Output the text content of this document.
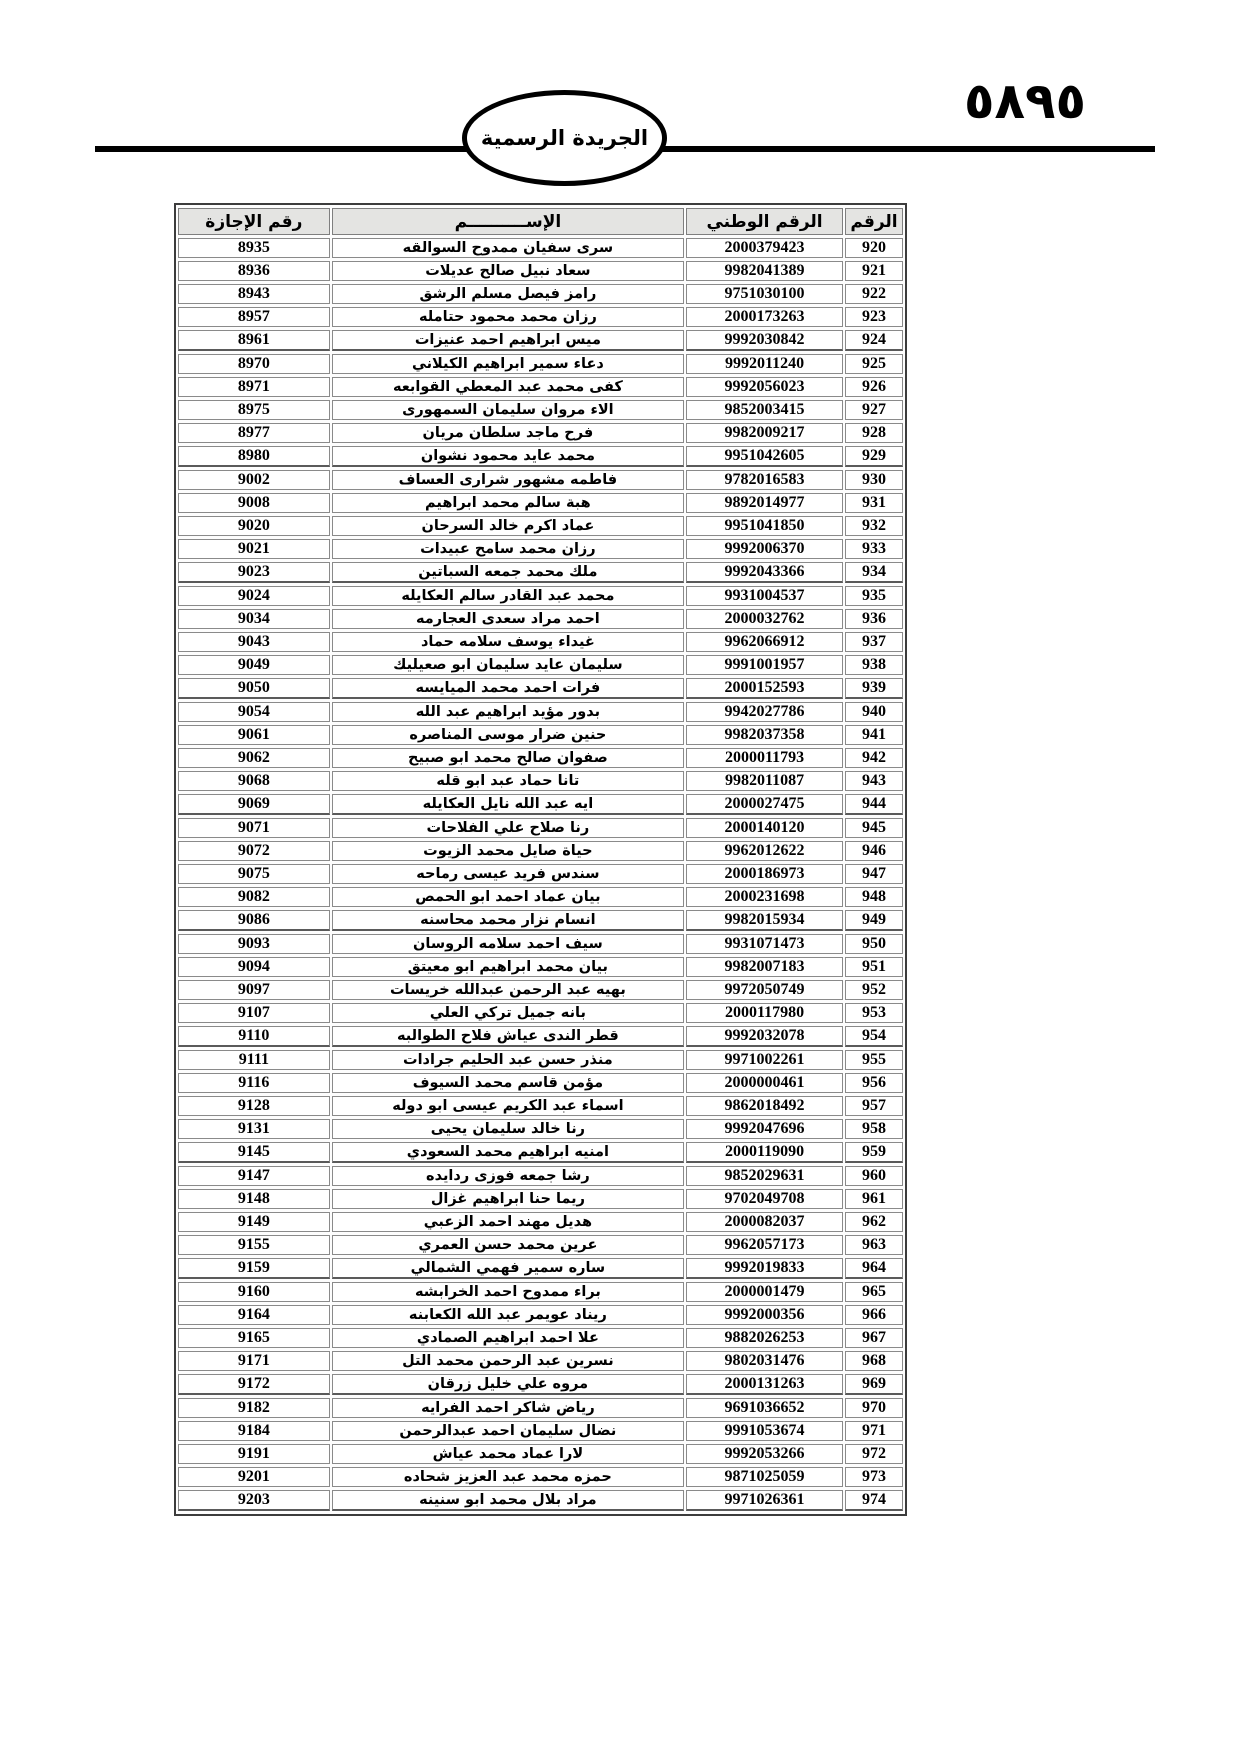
٥٨٩٥
الجريدة الرسمية
الرقم	الرقم الوطني	الإســــــــــم	رقم الإجازة
920	2000379423	سرى سفيان ممدوح السوالقه	8935
921	9982041389	سعاد نبيل صالح عديلات	8936
922	9751030100	رامز فيصل مسلم الرشق	8943
923	2000173263	رزان محمد محمود حتامله	8957
924	9992030842	ميس ابراهيم احمد عنيزات	8961
925	9992011240	دعاء سمير ابراهيم الكيلاني	8970
926	9992056023	كفى محمد عبد المعطي القوابعه	8971
927	9852003415	الاء مروان سليمان السمهورى	8975
928	9982009217	فرح ماجد سلطان مريان	8977
929	9951042605	محمد عايد محمود نشوان	8980
930	9782016583	فاطمه مشهور شرارى العساف	9002
931	9892014977	هبة سالم محمد ابراهيم	9008
932	9951041850	عماد اكرم خالد السرحان	9020
933	9992006370	رزان محمد سامح عبيدات	9021
934	9992043366	ملك محمد جمعه السباتين	9023
935	9931004537	محمد عبد القادر سالم العكايله	9024
936	2000032762	احمد مراد سعدى العجارمه	9034
937	9962066912	غيداء يوسف سلامه حماد	9043
938	9991001957	سليمان عايد سليمان ابو صعيليك	9049
939	2000152593	فرات احمد محمد الميايسه	9050
940	9942027786	بدور مؤيد ابراهيم عبد الله	9054
941	9982037358	حنين ضرار موسى المناصره	9061
942	2000011793	صفوان صالح محمد ابو صبيح	9062
943	9982011087	تانا حماد عبد ابو قله	9068
944	2000027475	ايه عبد الله نايل العكايله	9069
945	2000140120	رنا صلاح علي الفلاحات	9071
946	9962012622	حياة صايل محمد الزيوت	9072
947	2000186973	سندس فريد عيسى رماحه	9075
948	2000231698	بيان عماد احمد ابو الحمص	9082
949	9982015934	انسام نزار محمد محاسنه	9086
950	9931071473	سيف احمد سلامه الروسان	9093
951	9982007183	بيان محمد ابراهيم ابو معيتق	9094
952	9972050749	بهيه عبد الرحمن عبدالله خريسات	9097
953	2000117980	بانه جميل تركي العلي	9107
954	9992032078	قطر الندى عياش فلاح الطوالبه	9110
955	9971002261	منذر حسن عبد الحليم جرادات	9111
956	2000000461	مؤمن قاسم محمد السيوف	9116
957	9862018492	اسماء عبد الكريم عيسى ابو دوله	9128
958	9992047696	رنا خالد سليمان يحيى	9131
959	2000119090	امنيه ابراهيم محمد السعودي	9145
960	9852029631	رشا جمعه فوزى ردايده	9147
961	9702049708	ريما حنا ابراهيم غزال	9148
962	2000082037	هديل مهند احمد الزعبي	9149
963	9962057173	عرين محمد حسن العمري	9155
964	9992019833	ساره سمير فهمي الشمالي	9159
965	2000001479	براء ممدوح احمد الخرابشه	9160
966	9992000356	ريناد عويمر عبد الله الكعابنه	9164
967	9882026253	علا احمد ابراهيم الصمادي	9165
968	9802031476	نسرين عبد الرحمن محمد التل	9171
969	2000131263	مروه علي خليل زرقان	9172
970	9691036652	رياض شاكر احمد الفرايه	9182
971	9991053674	نضال سليمان احمد عبدالرحمن	9184
972	9992053266	لارا عماد محمد عياش	9191
973	9871025059	حمزه محمد عبد العزيز شحاده	9201
974	9971026361	مراد بلال محمد ابو سنينه	9203
